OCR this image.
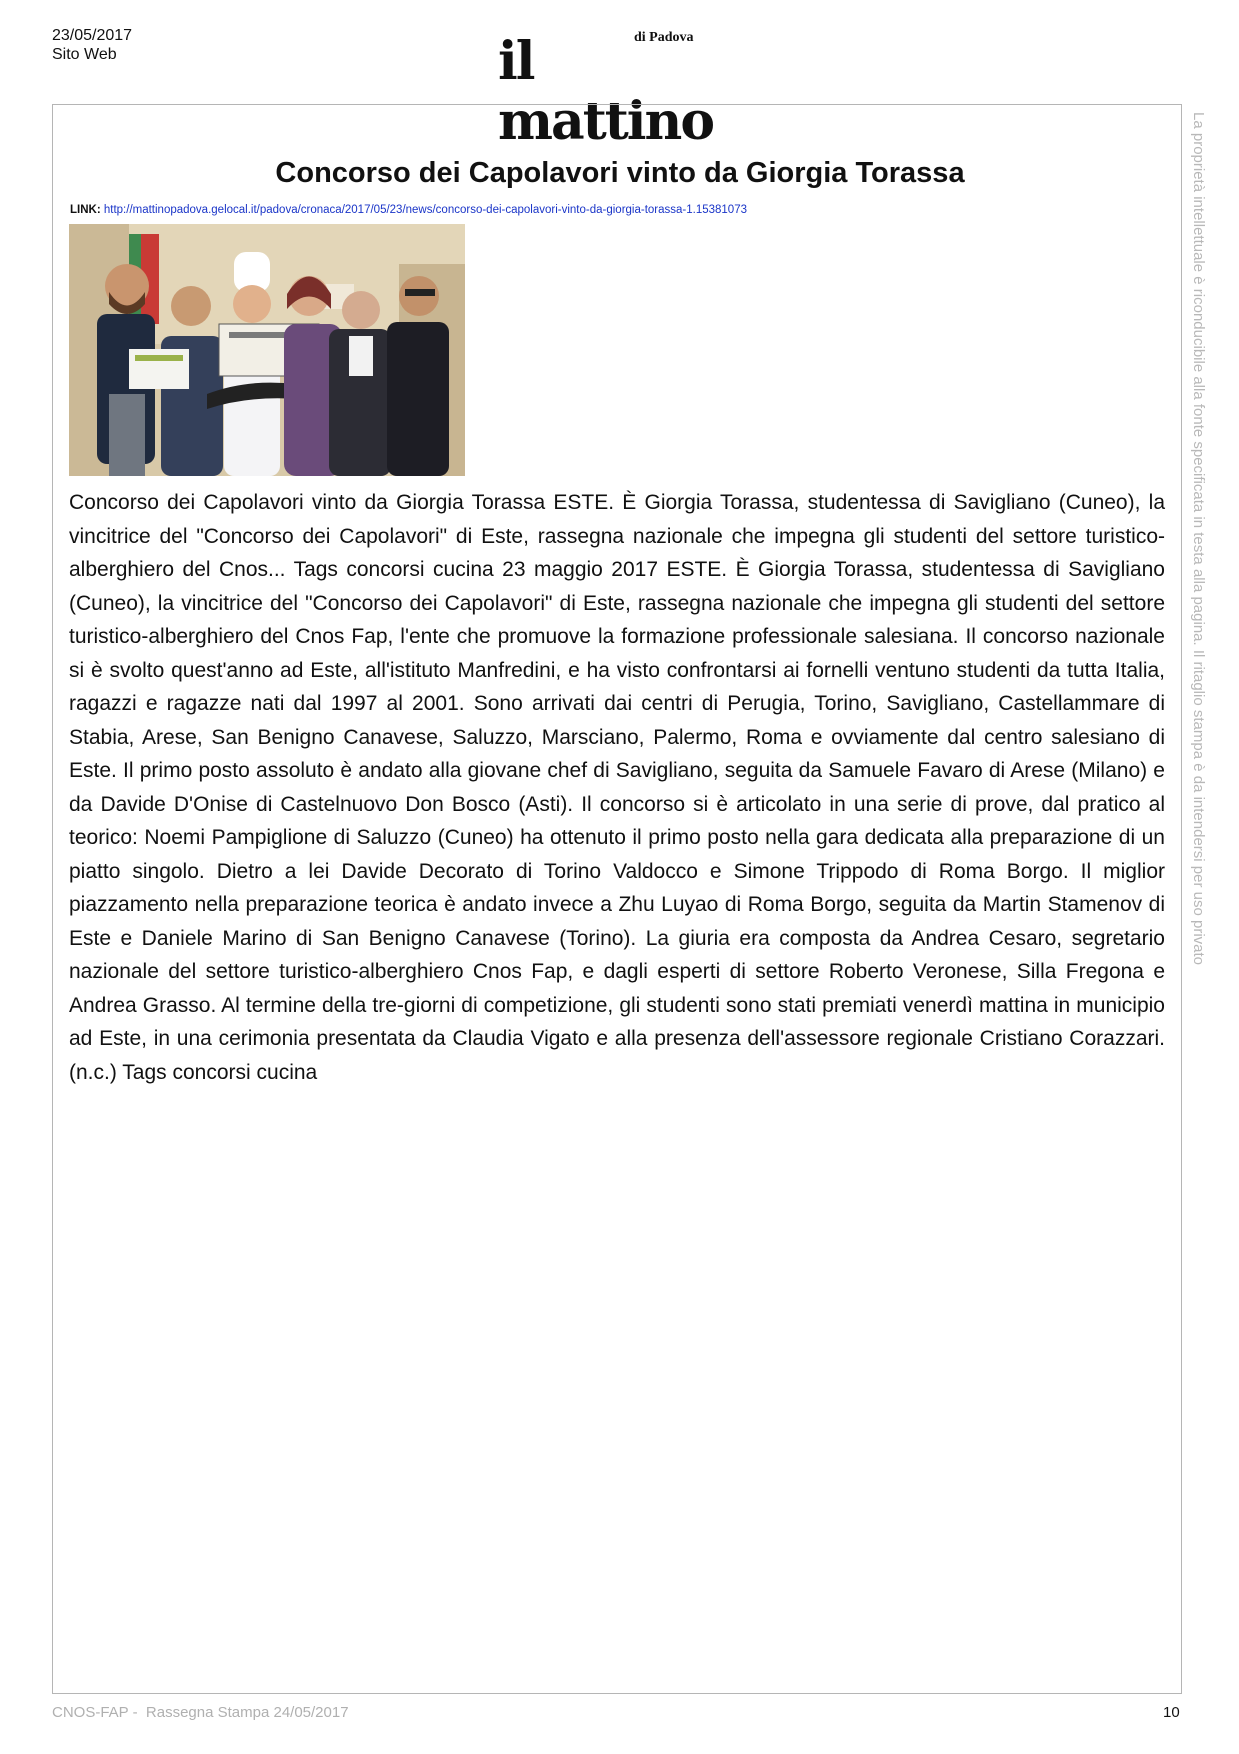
23/05/2017
Sito Web
di Padova
il mattino	La proprietà intellettuale è riconducibile alla fonte specificata in testa alla pagina. Il ritaglio stampa è da intendersi per uso privato
Concorso dei Capolavori vinto da Giorgia Torassa
LINK: http://mattinopadova.gelocal.it/padova/cronaca/2017/05/23/news/concorso-dei-capolavori-vinto-da-giorgia-torassa-1.15381073

Concorso dei Capolavori vinto da Giorgia Torassa ESTE. È Giorgia Torassa, studentessa di Savigliano (Cuneo), la vincitrice del "Concorso dei Capolavori" di Este, rassegna nazionale che impegna gli studenti del settore turistico-alberghiero del Cnos... Tags concorsi cucina 23 maggio 2017 ESTE. È Giorgia Torassa, studentessa di Savigliano (Cuneo), la vincitrice del "Concorso dei Capolavori" di Este, rassegna nazionale che impegna gli studenti del settore turistico-alberghiero del Cnos Fap, l'ente che promuove la formazione professionale salesiana. Il concorso nazionale si è svolto quest'anno ad Este, all'istituto Manfredini, e ha visto confrontarsi ai fornelli ventuno studenti da tutta Italia, ragazzi e ragazze nati dal 1997 al 2001. Sono arrivati dai centri di Perugia, Torino, Savigliano, Castellammare di Stabia, Arese, San Benigno Canavese, Saluzzo, Marsciano, Palermo, Roma e ovviamente dal centro salesiano di Este. Il primo posto assoluto è andato alla giovane chef di Savigliano, seguita da Samuele Favaro di Arese (Milano) e da Davide D'Onise di Castelnuovo Don Bosco (Asti). Il concorso si è articolato in una serie di prove, dal pratico al teorico: Noemi Pampiglione di Saluzzo (Cuneo) ha ottenuto il primo posto nella gara dedicata alla preparazione di un piatto singolo. Dietro a lei Davide Decorato di Torino Valdocco e Simone Trippodo di Roma Borgo. Il miglior piazzamento nella preparazione teorica è andato invece a Zhu Luyao di Roma Borgo, seguita da Martin Stamenov di Este e Daniele Marino di San Benigno Canavese (Torino). La giuria era composta da Andrea Cesaro, segretario nazionale del settore turistico-alberghiero Cnos Fap, e dagli esperti di settore Roberto Veronese, Silla Fregona e Andrea Grasso. Al termine della tre-giorni di competizione, gli studenti sono stati premiati venerdì mattina in municipio ad Este, in una cerimonia presentata da Claudia Vigato e alla presenza dell'assessore regionale Cristiano Corazzari. (n.c.) Tags concorsi cucina

CNOS-FAP -  Rassegna Stampa 24/05/2017	10
